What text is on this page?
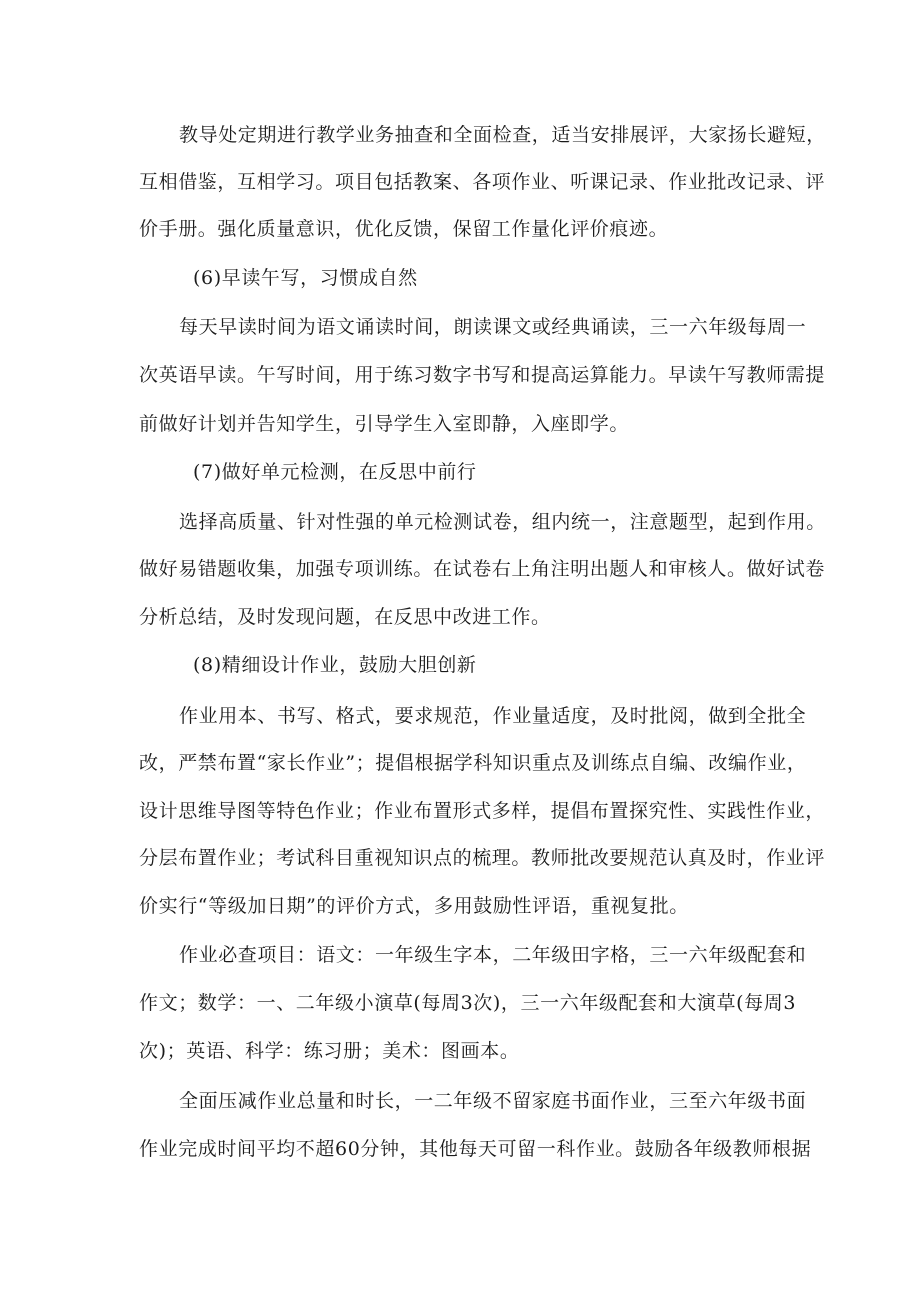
教导处定期进行教学业务抽查和全面检查，适当安排展评，大家扬长避短，
互相借鉴，互相学习。项目包括教案、各项作业、听课记录、作业批改记录、评
价手册。强化质量意识，优化反馈，保留工作量化评价痕迹。
(6)早读午写，习惯成自然
每天早读时间为语文诵读时间，朗读课文或经典诵读，三一六年级每周一
次英语早读。午写时间，用于练习数字书写和提高运算能力。早读午写教师需提
前做好计划并告知学生，引导学生入室即静，入座即学。
(7)做好单元检测，在反思中前行
选择高质量、针对性强的单元检测试卷，组内统一，注意题型，起到作用。
做好易错题收集，加强专项训练。在试卷右上角注明出题人和审核人。做好试卷
分析总结，及时发现问题，在反思中改进工作。
(8)精细设计作业，鼓励大胆创新
作业用本、书写、格式，要求规范，作业量适度，及时批阅，做到全批全
改，严禁布置“家长作业”；提倡根据学科知识重点及训练点自编、改编作业，
设计思维导图等特色作业；作业布置形式多样，提倡布置探究性、实践性作业，
分层布置作业；考试科目重视知识点的梳理。教师批改要规范认真及时，作业评
价实行“等级加日期”的评价方式，多用鼓励性评语，重视复批。
作业必查项目：语文：一年级生字本，二年级田字格，三一六年级配套和
作文；数学：一、二年级小演草(每周3次)，三一六年级配套和大演草(每周3
次)；英语、科学：练习册；美术：图画本。
全面压减作业总量和时长，一二年级不留家庭书面作业，三至六年级书面
作业完成时间平均不超60分钟，其他每天可留一科作业。鼓励各年级教师根据
